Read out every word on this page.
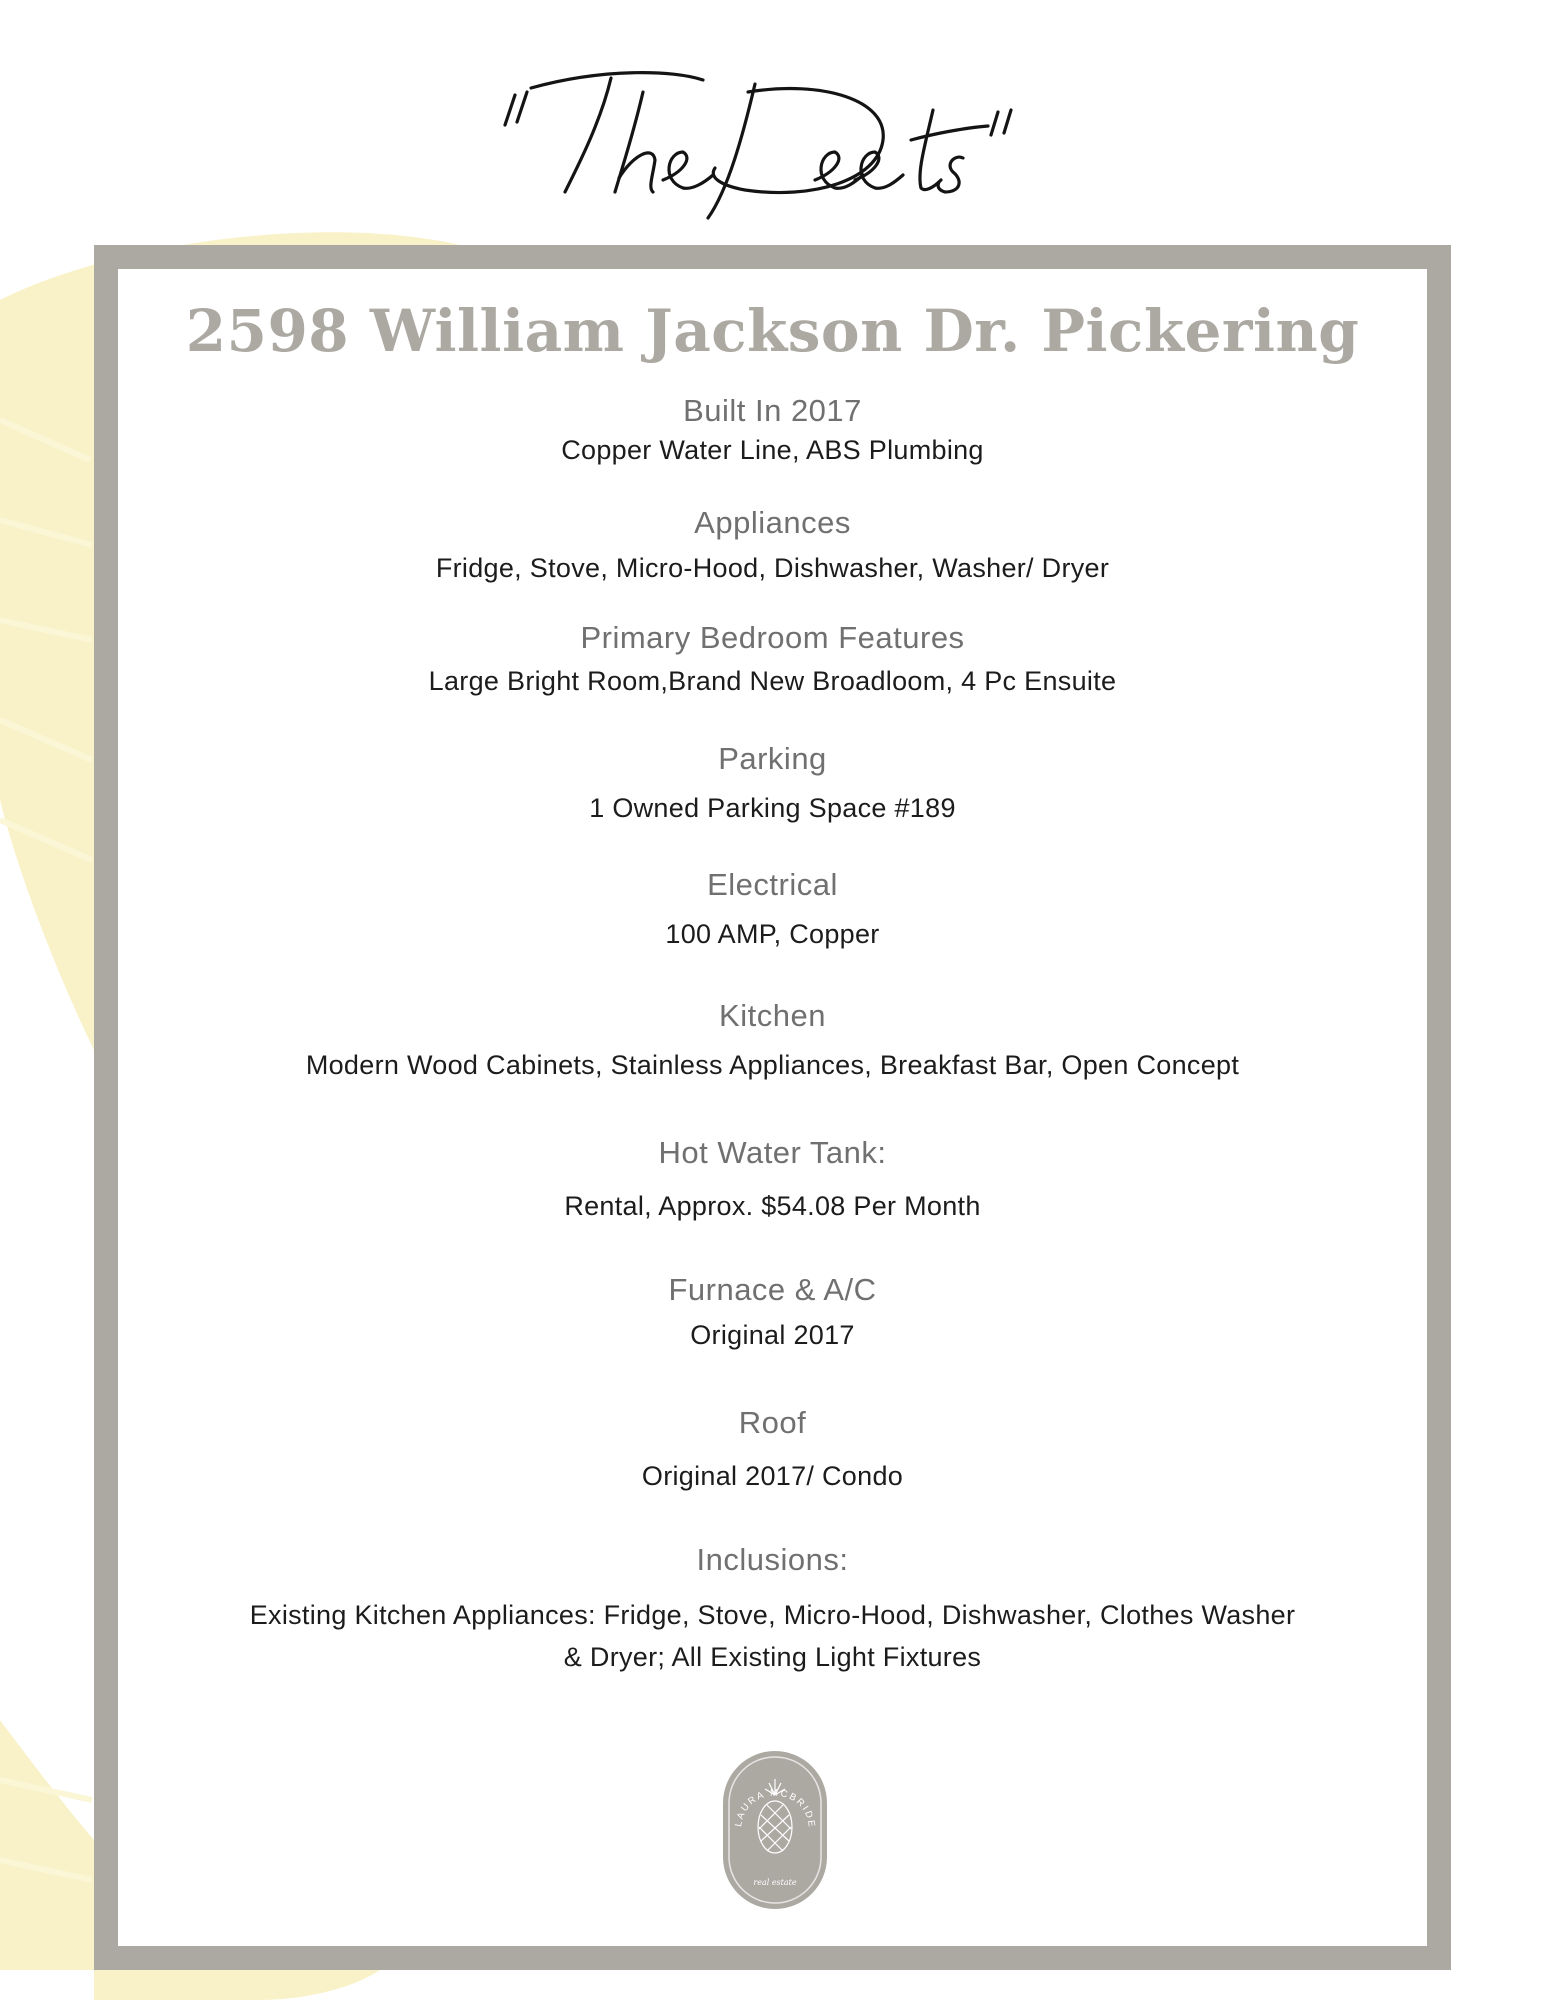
2598 William Jackson Dr. Pickering
Built In 2017
Copper Water Line, ABS Plumbing
Appliances
Fridge, Stove, Micro-Hood, Dishwasher, Washer/ Dryer
Primary Bedroom Features
Large Bright Room,Brand New Broadloom, 4 Pc Ensuite
Parking
1 Owned Parking Space #189
Electrical
100 AMP, Copper
Kitchen
Modern Wood Cabinets, Stainless Appliances, Breakfast Bar, Open Concept
Hot Water Tank:
Rental, Approx. $54.08 Per Month
Furnace & A/C
Original 2017
Roof
Original 2017/ Condo
Inclusions:
Existing Kitchen Appliances: Fridge, Stove, Micro-Hood, Dishwasher, Clothes Washer & Dryer; All Existing Light Fixtures
LAURA MCBRIDE
real estate
